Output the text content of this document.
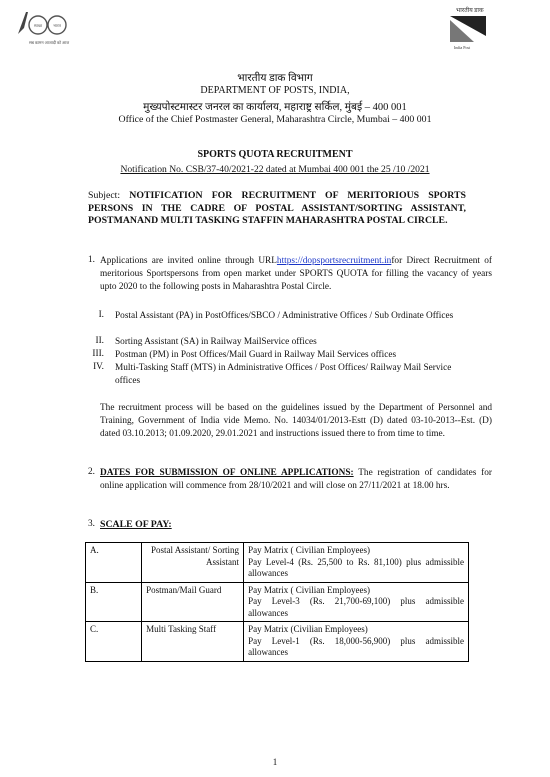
स्वच्छ	भारत
सब कामन आजादी को आज
भारतीय डाक
India Post
भारतीय डाक विभाग
DEPARTMENT OF POSTS, INDIA,
मुख्यपोस्टमास्टर जनरल का कार्यालय, महाराष्ट्र सर्किल, मुंबई – 400 001
Office of the Chief Postmaster General, Maharashtra Circle, Mumbai – 400 001
SPORTS QUOTA RECRUITMENT
Notification No. CSB/37-40/2021-22 dated at Mumbai 400 001 the 25 /10 /2021
Subject: NOTIFICATION FOR RECRUITMENT OF MERITORIOUS SPORTS PERSONS IN THE CADRE OF POSTAL ASSISTANT/SORTING ASSISTANT, POSTMANAND MULTI TASKING STAFFIN MAHARASHTRA POSTAL CIRCLE.
1. Applications are invited online through URLhttps://dopsportsrecruitment.infor Direct Recruitment of meritorious Sportspersons from open market under SPORTS QUOTA for filling the vacancy of years upto 2020 to the following posts in Maharashtra Postal Circle.
I. Postal Assistant (PA) in PostOffices/SBCO / Administrative Offices / Sub Ordinate Offices
II. Sorting Assistant (SA) in Railway MailService offices
III. Postman (PM) in Post Offices/Mail Guard in Railway Mail Services offices
IV. Multi-Tasking Staff (MTS) in Administrative Offices / Post Offices/ Railway Mail Service offices
The recruitment process will be based on the guidelines issued by the Department of Personnel and Training, Government of India vide Memo. No. 14034/01/2013-Estt (D) dated 03-10-2013--Est. (D) dated 03.10.2013; 01.09.2020, 29.01.2021 and instructions issued there to from time to time.
2. DATES FOR SUBMISSION OF ONLINE APPLICATIONS: The registration of candidates for online application will commence from 28/10/2021 and will close on 27/11/2021 at 18.00 hrs.
3. SCALE OF PAY:
A.	Postal Assistant/ Sorting Assistant	Pay Matrix ( Civilian Employees)
Pay Level-4 (Rs. 25,500 to Rs. 81,100) plus admissible allowances

B.	Postman/Mail Guard	Pay Matrix ( Civilian Employees)
Pay Level-3 (Rs. 21,700-69,100) plus admissible allowances

C.	Multi Tasking Staff	Pay Matrix (Civilian Employees)
Pay Level-1 (Rs. 18,000-56,900) plus admissible allowances
1
